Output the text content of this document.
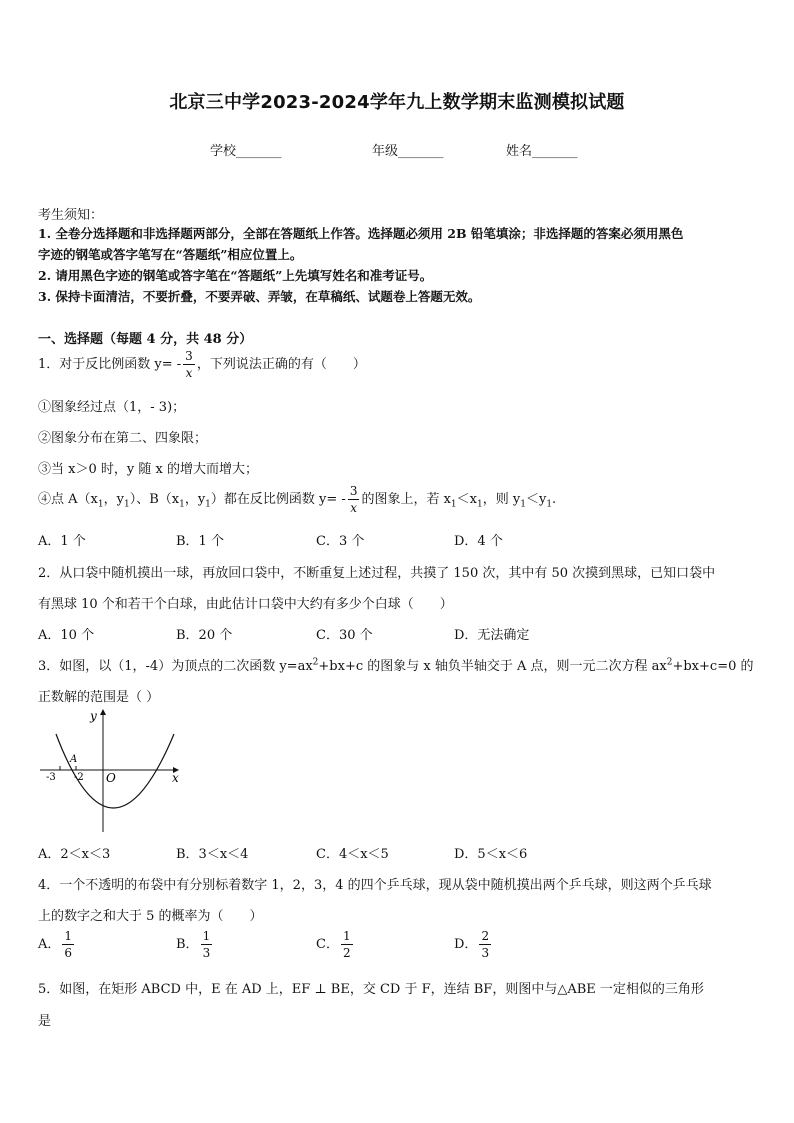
北京三中学2023-2024学年九上数学期末监测模拟试题
学校_______	年级_______	姓名_______
考生须知：
1. 全卷分选择题和非选择题两部分，全部在答题纸上作答。选择题必须用 2B 铅笔填涂；非选择题的答案必须用黑色
字迹的钢笔或答字笔写在“答题纸”相应位置上。
2. 请用黑色字迹的钢笔或答字笔在“答题纸”上先填写姓名和准考证号。
3. 保持卡面清洁，不要折叠，不要弄破、弄皱，在草稿纸、试题卷上答题无效。
一、选择题（每题 4 分，共 48 分）
1．对于反比例函数 $y= - \frac{3}{x}$ ，下列说法正确的有（　　）
①图象经过点（1，- 3)；
②图象分布在第二、四象限；
③当 x＞0 时，y 随 x 的增大而增大；
④点 $A(x_1$，$y_1$）、$B(x_1$，$y_1$）都在反比例函数 $y= - \frac{3}{x}$ 的图象上，若 $x_1<x_1$，则 $y_1<y_1$.
A．1 个	B．1 个	C．3 个	D．4 个
2．从口袋中随机摸出一球，再放回口袋中，不断重复上述过程，共摸了 150 次，其中有 50 次摸到黑球，已知口袋中
有黑球 10 个和若干个白球，由此估计口袋中大约有多少个白球（　　）
A．10 个	B．20 个	C．30 个	D．无法确定
3．如图，以（1，-4）为顶点的二次函数 $y=ax^2+bx+c$ 的图象与 x 轴负半轴交于 A 点，则一元二次方程 $ax^2+bx+c=0$ 的
正数解的范围是（ ）
y
x
O
A
-3 -2
A．2＜x＜3	B．3＜x＜4	C．4＜x＜5	D．5＜x＜6
4．一个不透明的布袋中有分别标着数字 1，2，3，4 的四个乒乓球，现从袋中随机摸出两个乒乓球，则这两个乒乓球
上的数字之和大于 5 的概率为（　　）
A． $\frac{1}{6}$	B． $\frac{1}{3}$	C． $\frac{1}{2}$	D． $\frac{2}{3}$
5．如图，在矩形 ABCD 中，E 在 AD 上，EF ⊥ BE，交 CD 于 F，连结 BF，则图中与△ABE 一定相似的三角形
是
